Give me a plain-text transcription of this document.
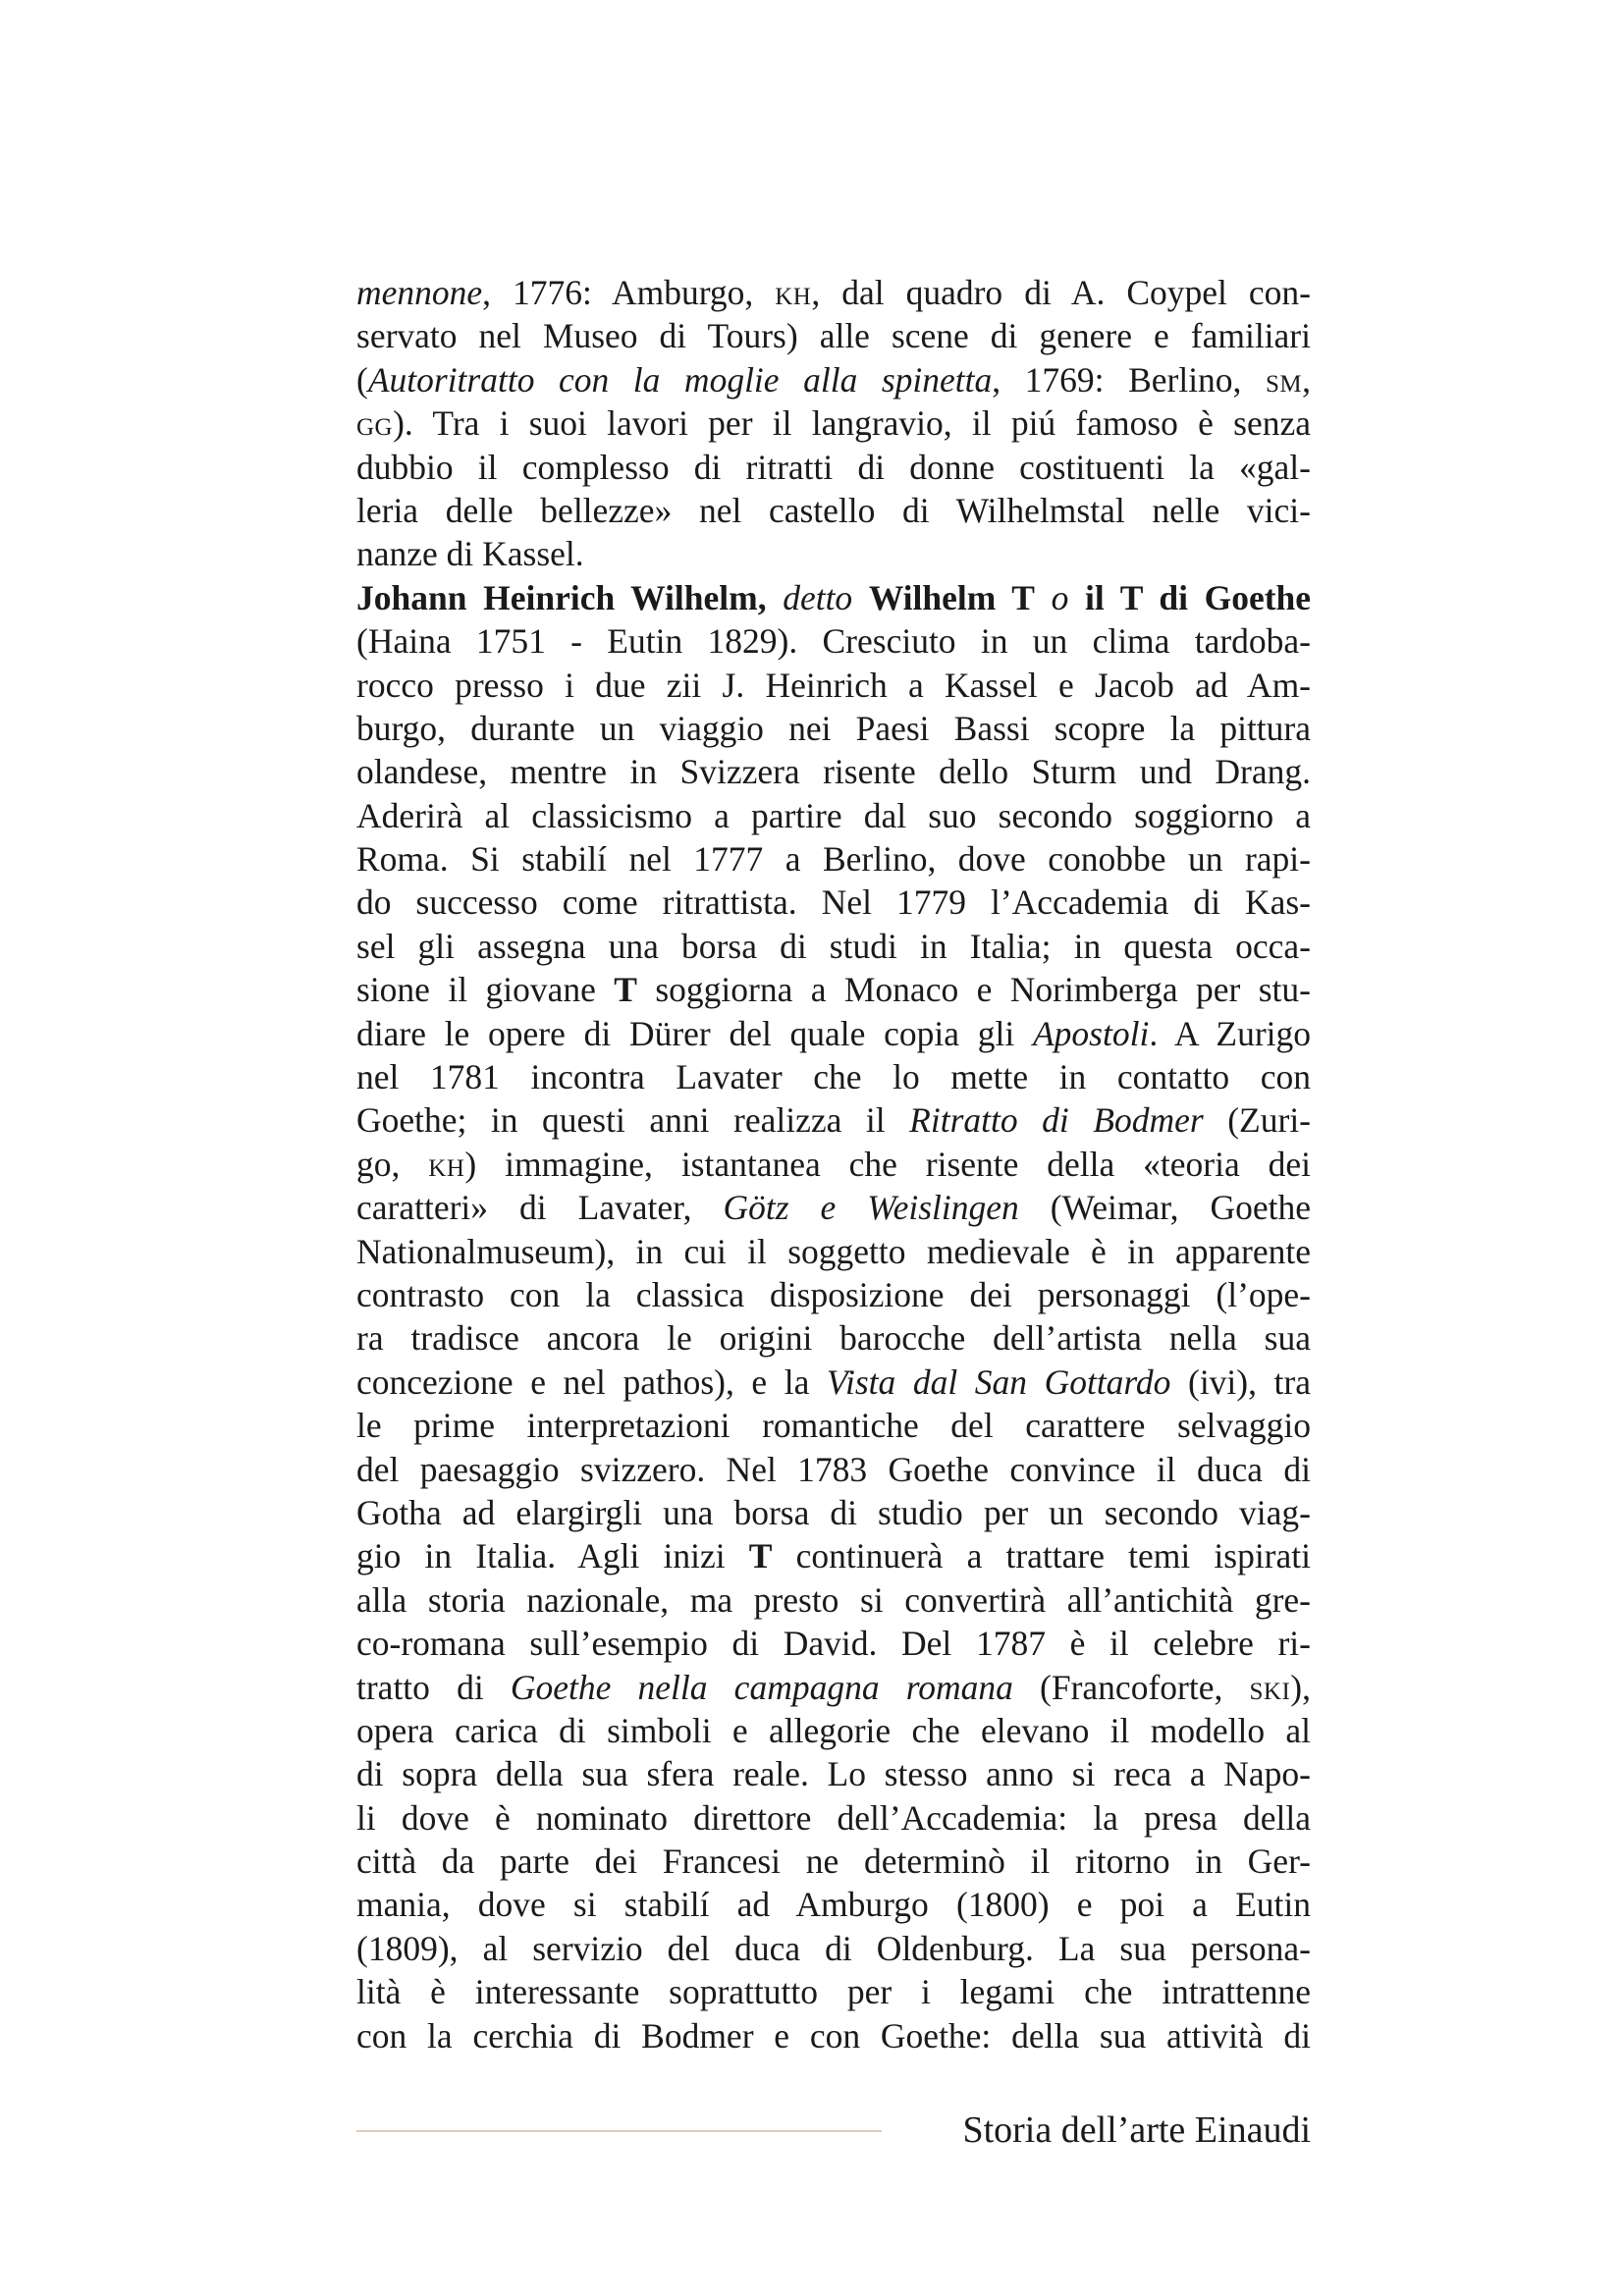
mennone, 1776: Amburgo, kh, dal quadro di A. Coypel con-
servato nel Museo di Tours) alle scene di genere e familiari
(Autoritratto con la moglie alla spinetta, 1769: Berlino, sm,
gg). Tra i suoi lavori per il langravio, il piú famoso è senza
dubbio il complesso di ritratti di donne costituenti la «gal-
leria delle bellezze» nel castello di Wilhelmstal nelle vici-
nanze di Kassel.
Johann Heinrich Wilhelm, detto Wilhelm T o il T di Goethe
(Haina 1751 - Eutin 1829). Cresciuto in un clima tardoba-
rocco presso i due zii J. Heinrich a Kassel e Jacob ad Am-
burgo, durante un viaggio nei Paesi Bassi scopre la pittura
olandese, mentre in Svizzera risente dello Sturm und Drang.
Aderirà al classicismo a partire dal suo secondo soggiorno a
Roma. Si stabilí nel 1777 a Berlino, dove conobbe un rapi-
do successo come ritrattista. Nel 1779 l’Accademia di Kas-
sel gli assegna una borsa di studi in Italia; in questa occa-
sione il giovane T soggiorna a Monaco e Norimberga per stu-
diare le opere di Dürer del quale copia gli Apostoli. A Zurigo
nel 1781 incontra Lavater che lo mette in contatto con
Goethe; in questi anni realizza il Ritratto di Bodmer (Zuri-
go, kh) immagine, istantanea che risente della «teoria dei
caratteri» di Lavater, Götz e Weislingen (Weimar, Goethe
Nationalmuseum), in cui il soggetto medievale è in apparente
contrasto con la classica disposizione dei personaggi (l’ope-
ra tradisce ancora le origini barocche dell’artista nella sua
concezione e nel pathos), e la Vista dal San Gottardo (ivi), tra
le prime interpretazioni romantiche del carattere selvaggio
del paesaggio svizzero. Nel 1783 Goethe convince il duca di
Gotha ad elargirgli una borsa di studio per un secondo viag-
gio in Italia. Agli inizi T continuerà a trattare temi ispirati
alla storia nazionale, ma presto si convertirà all’antichità gre-
co-romana sull’esempio di David. Del 1787 è il celebre ri-
tratto di Goethe nella campagna romana (Francoforte, ski),
opera carica di simboli e allegorie che elevano il modello al
di sopra della sua sfera reale. Lo stesso anno si reca a Napo-
li dove è nominato direttore dell’Accademia: la presa della
città da parte dei Francesi ne determinò il ritorno in Ger-
mania, dove si stabilí ad Amburgo (1800) e poi a Eutin
(1809), al servizio del duca di Oldenburg. La sua persona-
lità è interessante soprattutto per i legami che intrattenne
con la cerchia di Bodmer e con Goethe: della sua attività di
Storia dell’arte Einaudi
